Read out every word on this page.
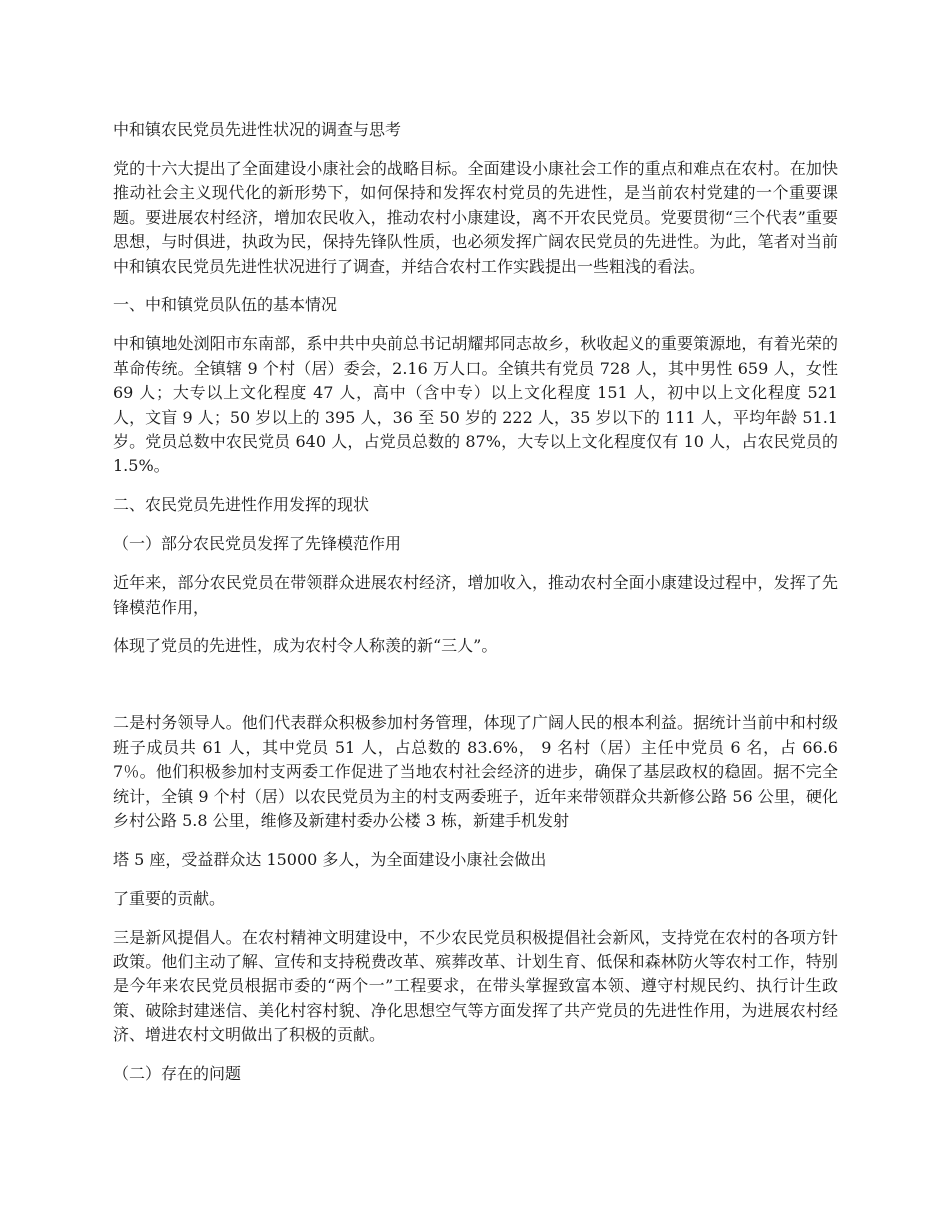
中和镇农民党员先进性状况的调查与思考

党的十六大提出了全面建设小康社会的战略目标。全面建设小康社会工作的重点和难点在农村。在加快推动社会主义现代化的新形势下，如何保持和发挥农村党员的先进性，是当前农村党建的一个重要课题。要进展农村经济，增加农民收入，推动农村小康建设，离不开农民党员。党要贯彻“三个代表”重要思想，与时俱进，执政为民，保持先锋队性质，也必须发挥广阔农民党员的先进性。为此，笔者对当前中和镇农民党员先进性状况进行了调查，并结合农村工作实践提出一些粗浅的看法。

一、中和镇党员队伍的基本情况

中和镇地处浏阳市东南部，系中共中央前总书记胡耀邦同志故乡，秋收起义的重要策源地，有着光荣的革命传统。全镇辖 9 个村（居）委会，2.16 万人口。全镇共有党员 728 人，其中男性 659 人，女性 69 人；大专以上文化程度 47 人，高中（含中专）以上文化程度 151 人，初中以上文化程度 521 人，文盲 9 人；50 岁以上的 395 人，36 至 50 岁的 222 人，35 岁以下的 111 人，平均年龄 51.1 岁。党员总数中农民党员 640 人，占党员总数的 87%，大专以上文化程度仅有 10 人，占农民党员的 1.5%。

二、农民党员先进性作用发挥的现状

（一）部分农民党员发挥了先锋模范作用

近年来，部分农民党员在带领群众进展农村经济，增加收入，推动农村全面小康建设过程中，发挥了先锋模范作用，

体现了党员的先进性，成为农村令人称羡的新“三人”。

二是村务领导人。他们代表群众积极参加村务管理，体现了广阔人民的根本利益。据统计当前中和村级班子成员共 61 人，其中党员 51 人，占总数的 83.6%， 9 名村（居）主任中党员 6 名，占 66.67％。他们积极参加村支两委工作促进了当地农村社会经济的进步，确保了基层政权的稳固。据不完全统计，全镇 9 个村（居）以农民党员为主的村支两委班子，近年来带领群众共新修公路 56 公里，硬化乡村公路 5.8 公里，维修及新建村委办公楼 3 栋，新建手机发射

塔 5 座，受益群众达 15000 多人，为全面建设小康社会做出

了重要的贡献。

三是新风提倡人。在农村精神文明建设中，不少农民党员积极提倡社会新风，支持党在农村的各项方针政策。他们主动了解、宣传和支持税费改革、殡葬改革、计划生育、低保和森林防火等农村工作，特别是今年来农民党员根据市委的“两个一”工程要求，在带头掌握致富本领、遵守村规民约、执行计生政策、破除封建迷信、美化村容村貌、净化思想空气等方面发挥了共产党员的先进性作用，为进展农村经济、增进农村文明做出了积极的贡献。

（二）存在的问题
